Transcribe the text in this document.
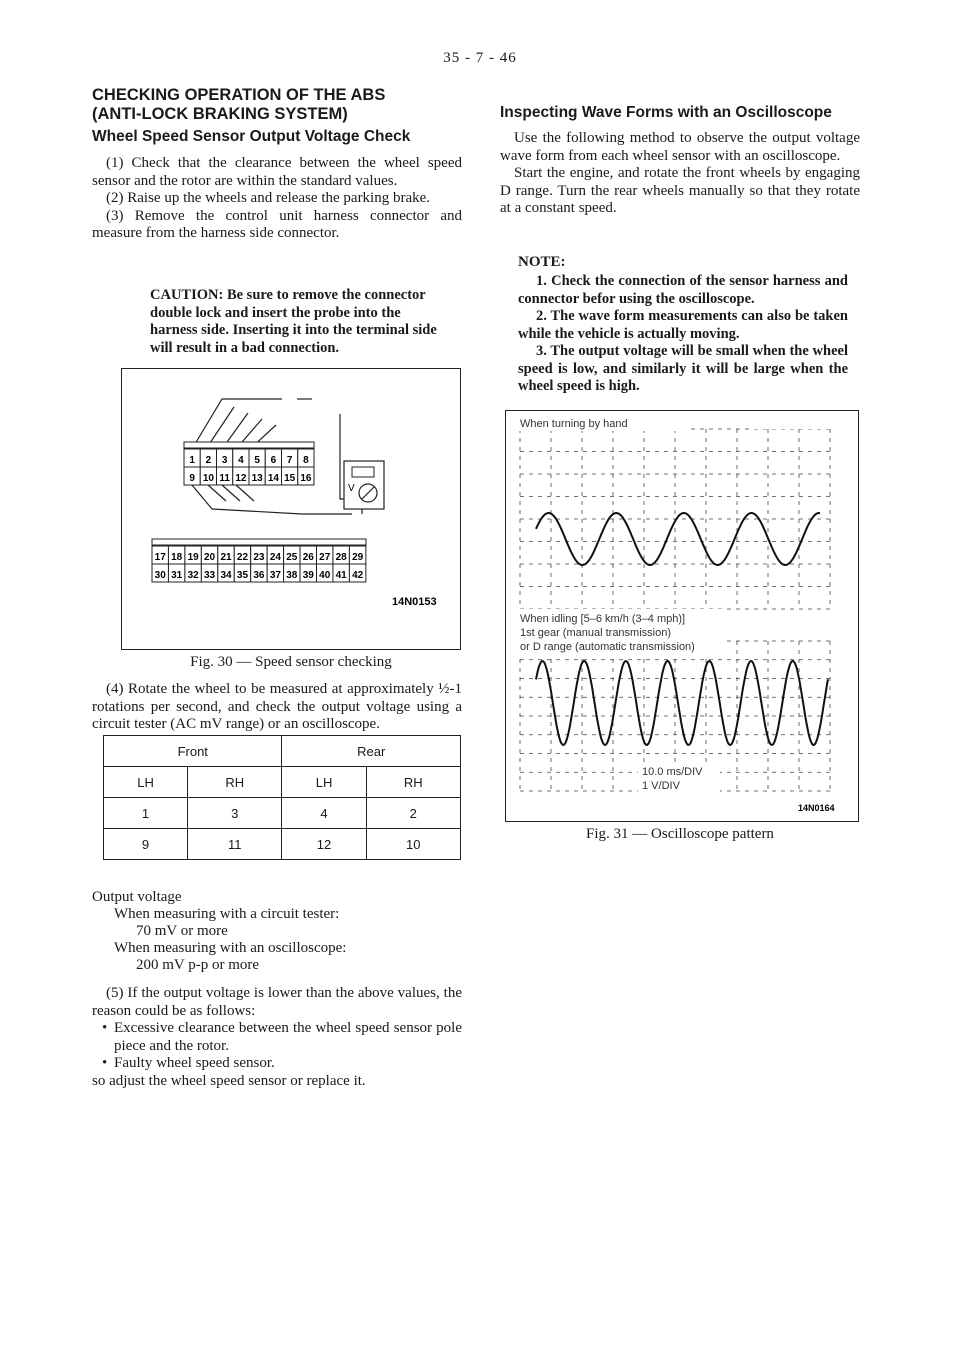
35 - 7 - 46
CHECKING OPERATION OF THE ABS
(ANTI-LOCK BRAKING SYSTEM)
Wheel Speed Sensor Output Voltage Check
(1) Check that the clearance between the wheel speed sensor and the rotor are within the standard values.
(2) Raise up the wheels and release the parking brake.
(3) Remove the control unit harness connector and measure from the harness side connector.
CAUTION: Be sure to remove the connector double lock and insert the probe into the harness side. Inserting it into the terminal side will result in a bad connection.
1 2 3 4 5 6 7 8
9 10 11 12 13 14 15 16
V
17 18 19 20 21 22 23 24 25 26 27 28 29
30 31 32 33 34 35 36 37 38 39 40 41 42
14N0153
Fig. 30 — Speed sensor checking
(4) Rotate the wheel to be measured at approximately ½-1 rotations per second, and check the output voltage using a circuit tester (AC mV range) or an oscilloscope.
Front		Rear	
LH	RH	LH	RH
1	3	4	2
9	11	12	10
Output voltage
When measuring with a circuit tester:
70 mV or more
When measuring with an oscilloscope:
200 mV p-p or more
(5) If the output voltage is lower than the above values, the reason could be as follows:
• Excessive clearance between the wheel speed sensor pole piece and the rotor.
• Faulty wheel speed sensor.
so adjust the wheel speed sensor or replace it.
Inspecting Wave Forms with an Oscilloscope
Use the following method to observe the output voltage wave form from each wheel sensor with an oscilloscope.
Start the engine, and rotate the front wheels by engaging D range. Turn the rear wheels manually so that they rotate at a constant speed.
NOTE:
1. Check the connection of the sensor harness and connector befor using the oscilloscope.
2. The wave form measurements can also be taken while the vehicle is actually moving.
3. The output voltage will be small when the wheel speed is low, and similarly it will be large when the wheel speed is high.
When turning by hand
When idling [5–6 km/h (3–4 mph)]
1st gear (manual transmission)
or D range (automatic transmission)
10.0 ms/DIV
1 V/DIV
14N0164
Fig. 31 — Oscilloscope pattern
